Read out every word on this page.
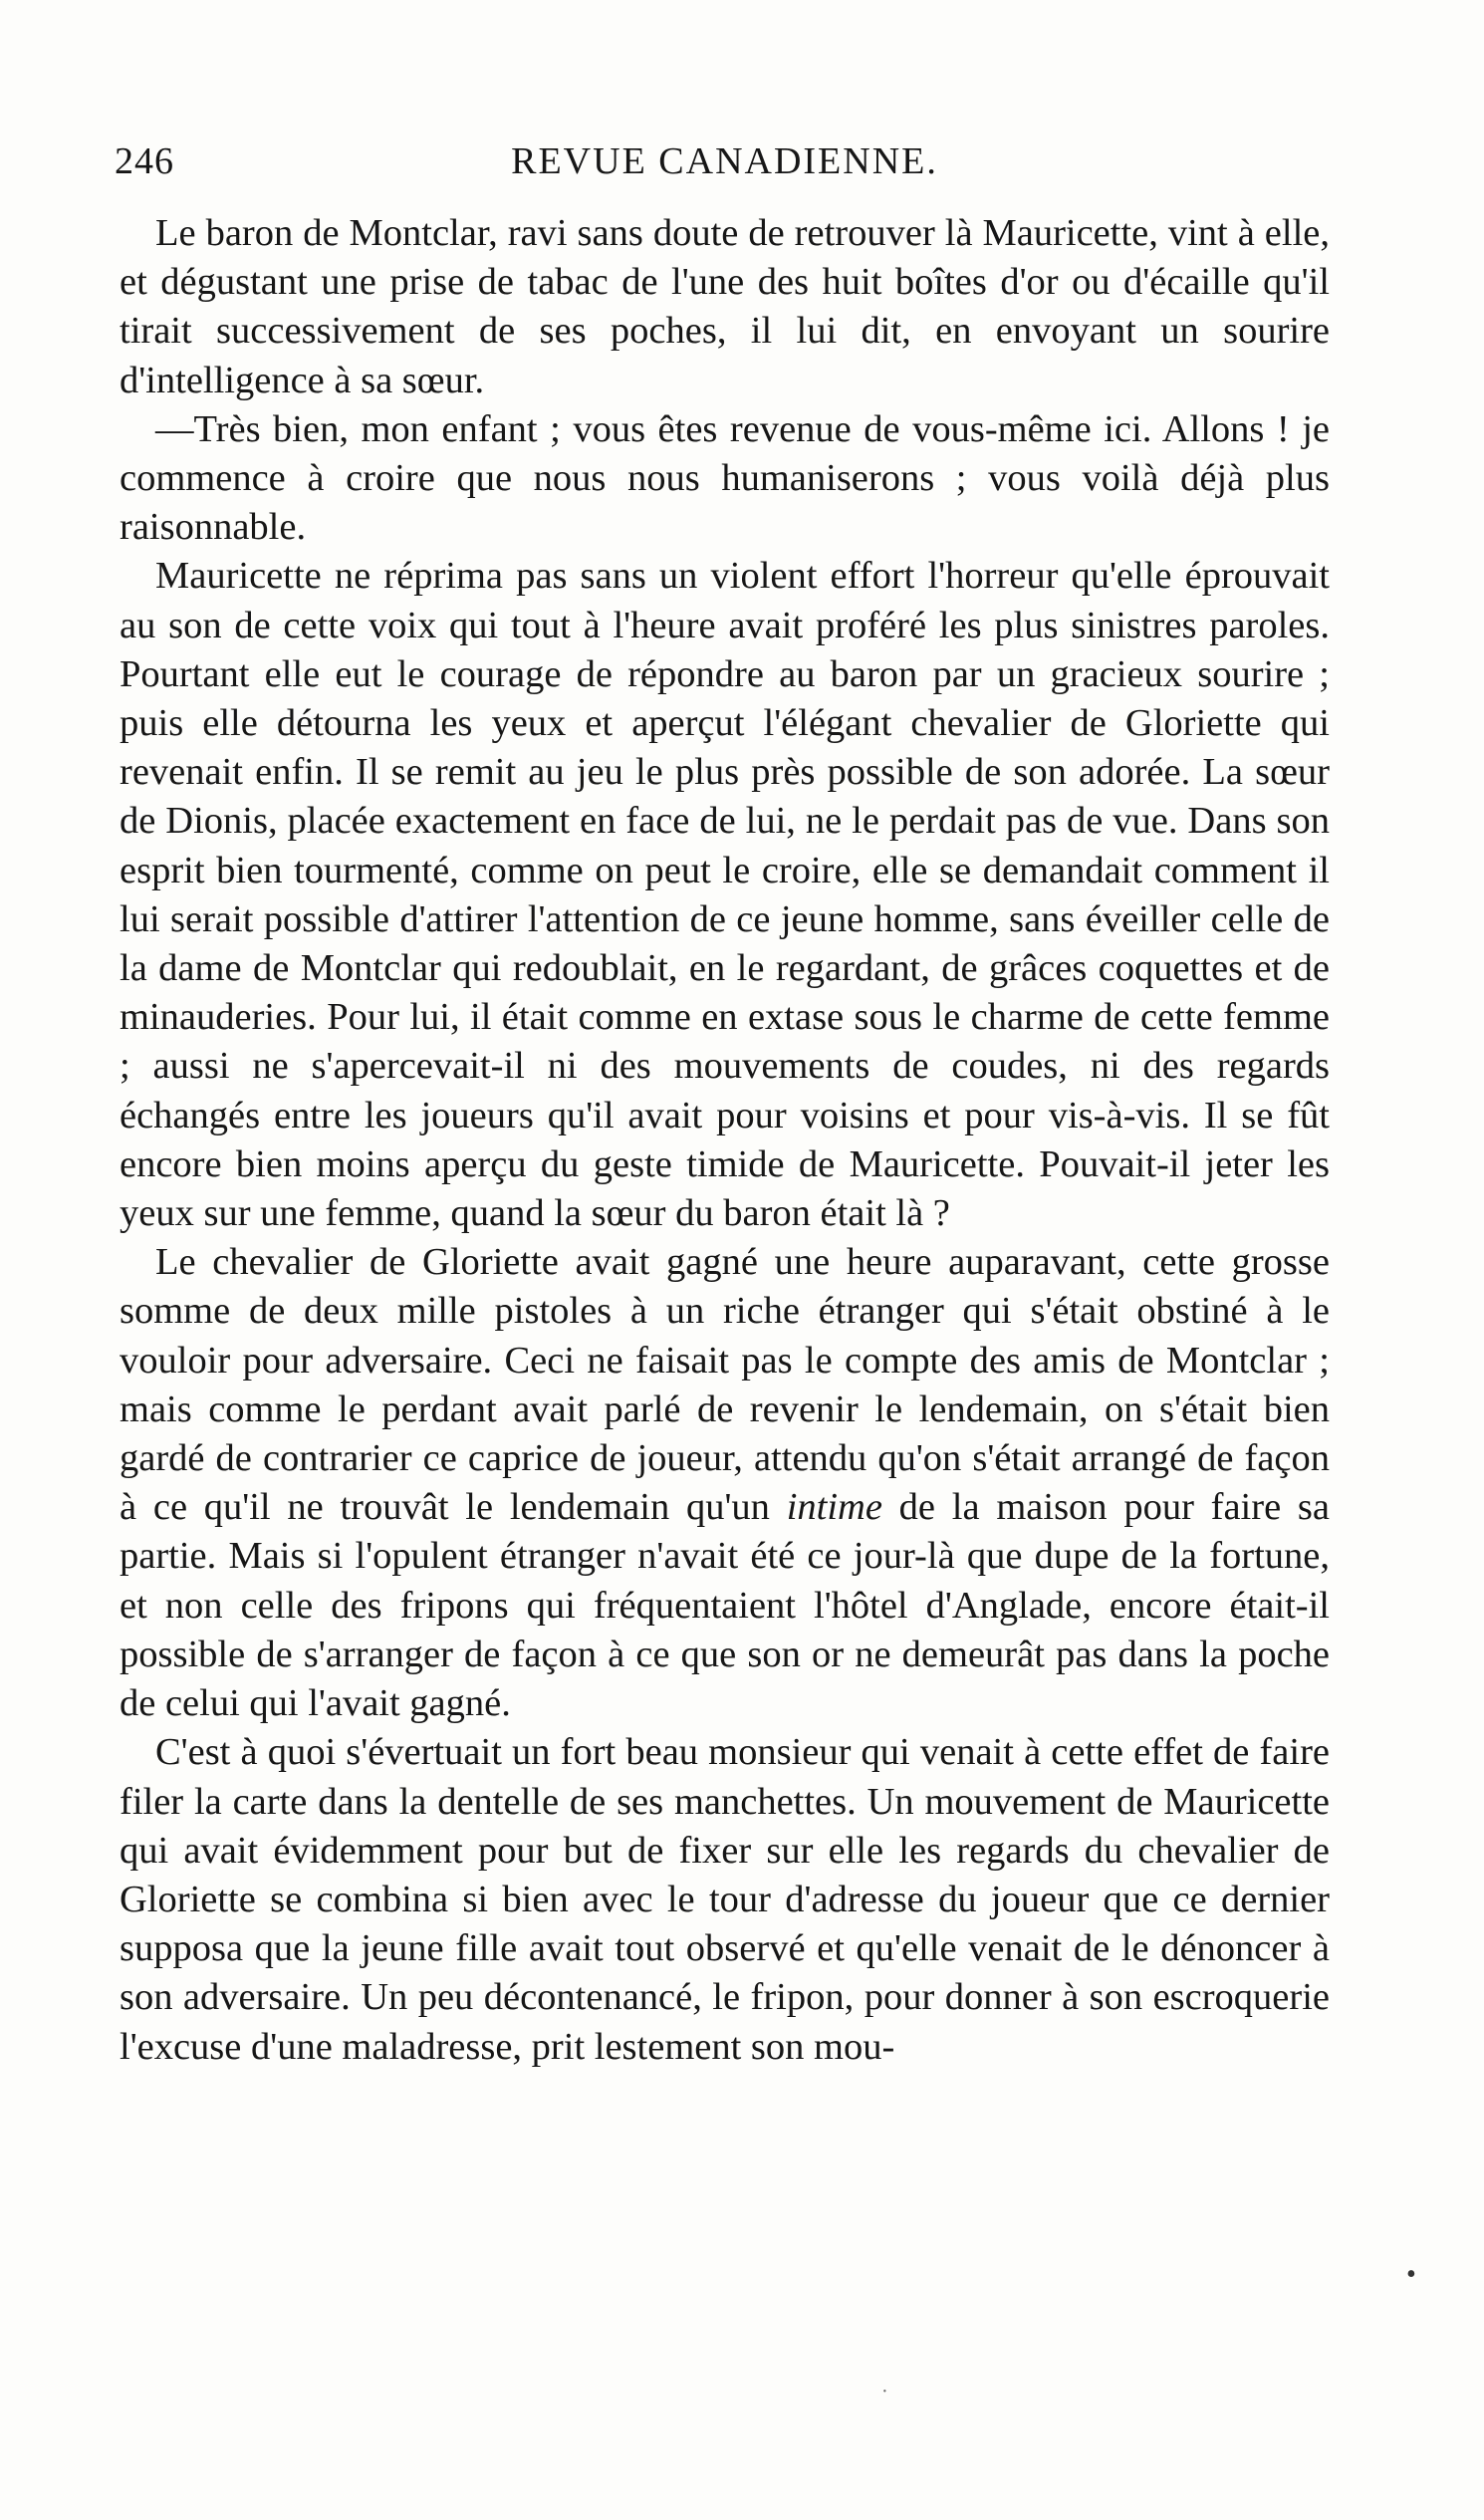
246	REVUE CANADIENNE.

Le baron de Montclar, ravi sans doute de retrouver là Mauricette, vint à elle, et dégustant une prise de tabac de l'une des huit boîtes d'or ou d'écaille qu'il tirait successivement de ses poches, il lui dit, en envoyant un sourire d'intelligence à sa sœur.

—Très bien, mon enfant ; vous êtes revenue de vous-même ici. Allons ! je commence à croire que nous nous humaniserons ; vous voilà déjà plus raisonnable.

Mauricette ne réprima pas sans un violent effort l'horreur qu'elle éprouvait au son de cette voix qui tout à l'heure avait proféré les plus sinistres paroles. Pourtant elle eut le courage de répondre au baron par un gracieux sourire ; puis elle détourna les yeux et aperçut l'élégant chevalier de Gloriette qui revenait enfin. Il se remit au jeu le plus près possible de son adorée. La sœur de Dionis, placée exactement en face de lui, ne le perdait pas de vue. Dans son esprit bien tourmenté, comme on peut le croire, elle se demandait comment il lui serait possible d'attirer l'attention de ce jeune homme, sans éveiller celle de la dame de Montclar qui redoublait, en le regardant, de grâces coquettes et de minauderies. Pour lui, il était comme en extase sous le charme de cette femme ; aussi ne s'apercevait-il ni des mouvements de coudes, ni des regards échangés entre les joueurs qu'il avait pour voisins et pour vis-à-vis. Il se fût encore bien moins aperçu du geste timide de Mauricette. Pouvait-il jeter les yeux sur une femme, quand la sœur du baron était là ?

Le chevalier de Gloriette avait gagné une heure auparavant, cette grosse somme de deux mille pistoles à un riche étranger qui s'était obstiné à le vouloir pour adversaire. Ceci ne faisait pas le compte des amis de Montclar ; mais comme le perdant avait parlé de revenir le lendemain, on s'était bien gardé de contrarier ce caprice de joueur, attendu qu'on s'était arrangé de façon à ce qu'il ne trouvât le lendemain qu'un intime de la maison pour faire sa partie. Mais si l'opulent étranger n'avait été ce jour-là que dupe de la fortune, et non celle des fripons qui fréquentaient l'hôtel d'Anglade, encore était-il possible de s'arranger de façon à ce que son or ne demeurât pas dans la poche de celui qui l'avait gagné.

C'est à quoi s'évertuait un fort beau monsieur qui venait à cette effet de faire filer la carte dans la dentelle de ses manchettes. Un mouvement de Mauricette qui avait évidemment pour but de fixer sur elle les regards du chevalier de Gloriette se combina si bien avec le tour d'adresse du joueur que ce dernier supposa que la jeune fille avait tout observé et qu'elle venait de le dénoncer à son adversaire. Un peu décontenancé, le fripon, pour donner à son escroquerie l'excuse d'une maladresse, prit lestement son mou-

•
·
